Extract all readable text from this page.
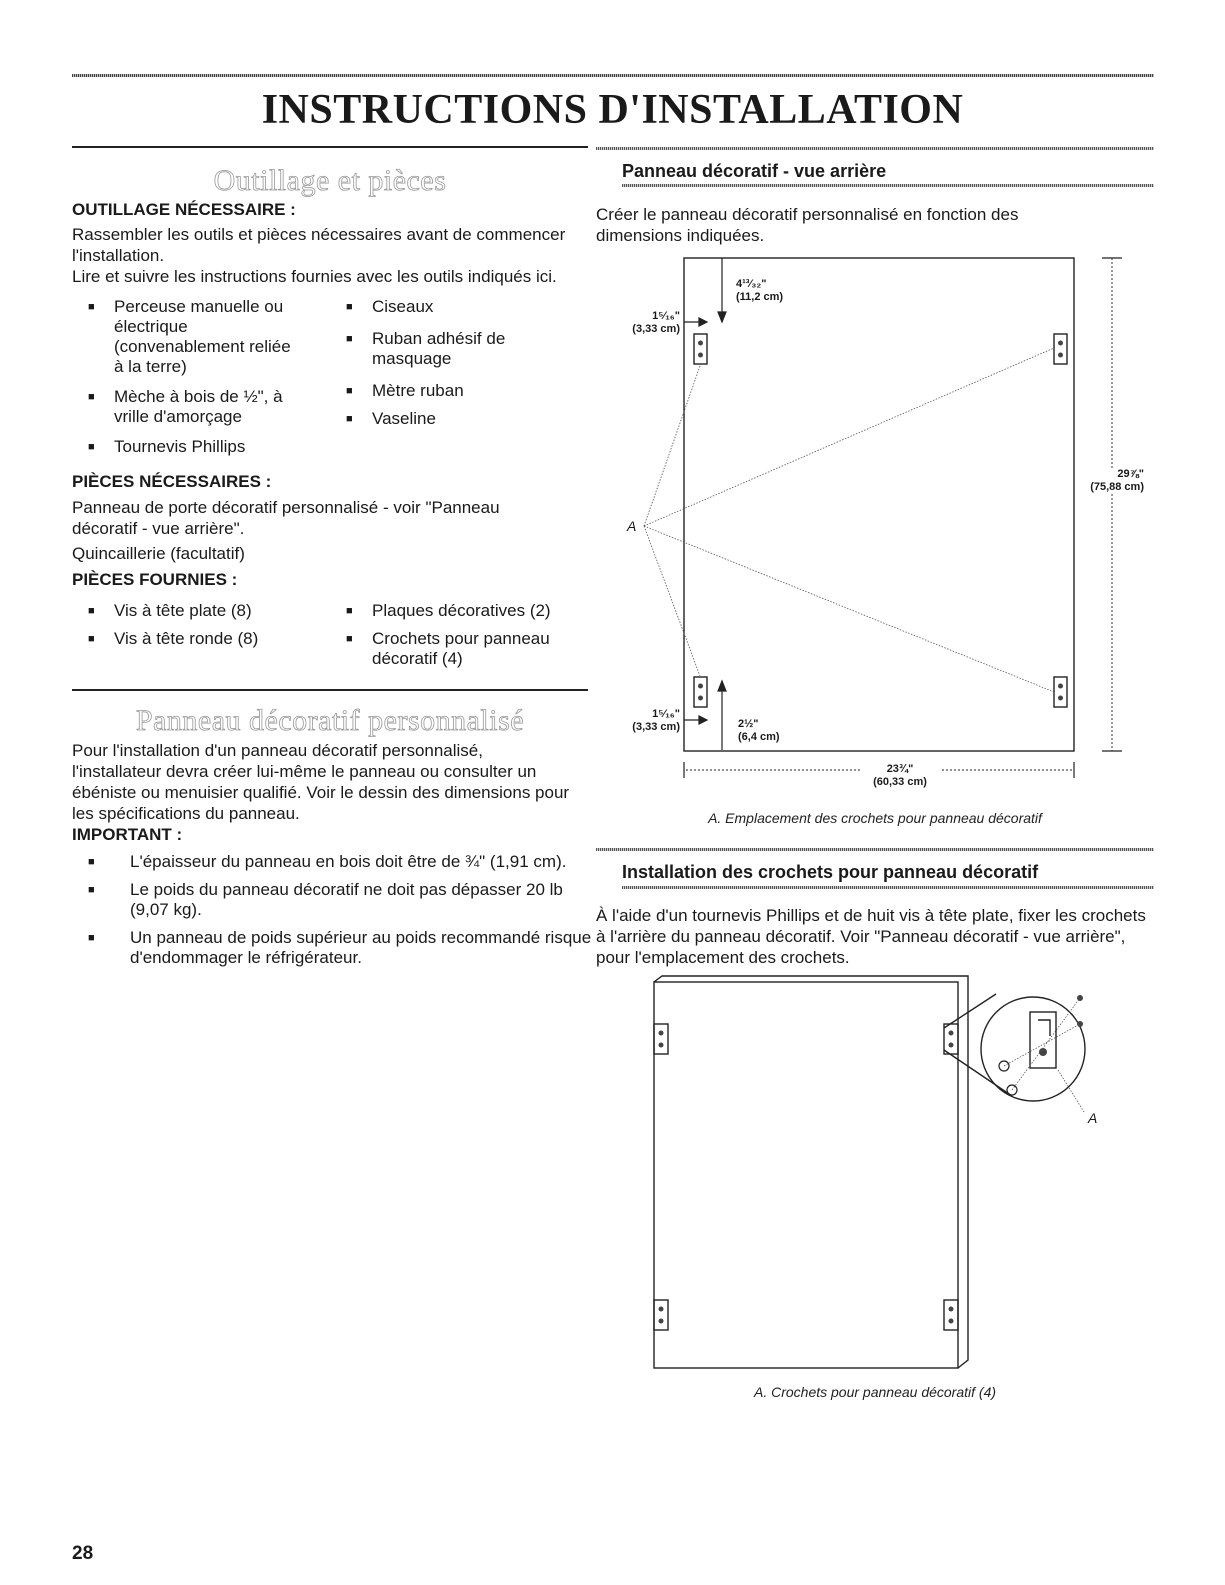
INSTRUCTIONS D'INSTALLATION
Outillage et pièces
OUTILLAGE NÉCESSAIRE :
Rassembler les outils et pièces nécessaires avant de commencer l'installation.
Lire et suivre les instructions fournies avec les outils indiqués ici.
■ Perceuse manuelle ou électrique (convenablement reliée à la terre)
■ Mèche à bois de ½", à vrille d'amorçage
■ Tournevis Phillips
■ Ciseaux
■ Ruban adhésif de masquage
■ Mètre ruban
■ Vaseline
PIÈCES NÉCESSAIRES :
Panneau de porte décoratif personnalisé - voir "Panneau décoratif - vue arrière".
Quincaillerie (facultatif)
PIÈCES FOURNIES :
■ Vis à tête plate (8)
■ Vis à tête ronde (8)
■ Plaques décoratives (2)
■ Crochets pour panneau décoratif (4)
Panneau décoratif personnalisé
Pour l'installation d'un panneau décoratif personnalisé, l'installateur devra créer lui-même le panneau ou consulter un ébéniste ou menuisier qualifié. Voir le dessin des dimensions pour les spécifications du panneau.
IMPORTANT :
■ L'épaisseur du panneau en bois doit être de ¾" (1,91 cm).
■ Le poids du panneau décoratif ne doit pas dépasser 20 lb (9,07 kg).
■ Un panneau de poids supérieur au poids recommandé risque d'endommager le réfrigérateur.
Panneau décoratif - vue arrière
Créer le panneau décoratif personnalisé en fonction des dimensions indiquées.
4¹³⁄₃₂"
(11,2 cm)
1⁵⁄₁₆"
(3,33 cm)
1⁵⁄₁₆"
(3,33 cm)	2½"
(6,4 cm)
29⅞"
(75,88 cm)
23¾"
(60,33 cm)
A
A. Emplacement des crochets pour panneau décoratif
Installation des crochets pour panneau décoratif
À l'aide d'un tournevis Phillips et de huit vis à tête plate, fixer les crochets à l'arrière du panneau décoratif. Voir "Panneau décoratif - vue arrière", pour l'emplacement des crochets.
A
A. Crochets pour panneau décoratif (4)
28
